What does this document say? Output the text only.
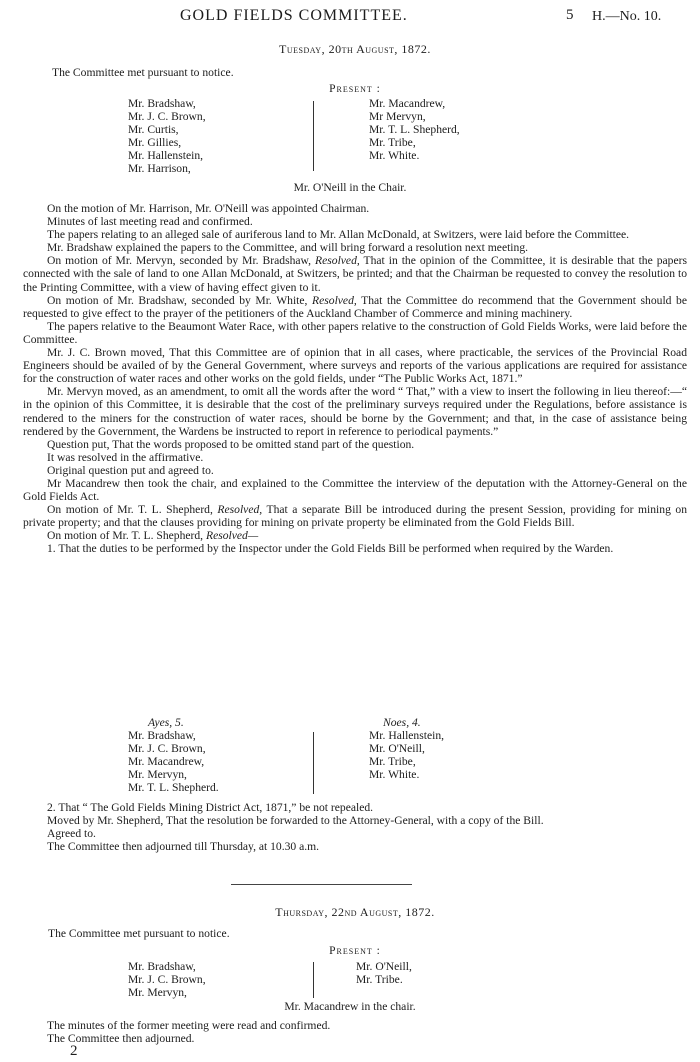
GOLD FIELDS COMMITTEE.	5 H.—No. 10.
Tuesday, 20th August, 1872.
The Committee met pursuant to notice.
Present :
Mr. Bradshaw,
Mr. J. C. Brown,
Mr. Curtis,
Mr. Gillies,
Mr. Hallenstein,
Mr. Harrison,
Mr. Macandrew,
Mr Mervyn,
Mr. T. L. Shepherd,
Mr. Tribe,
Mr. White.
Mr. O'Neill in the Chair.

On the motion of Mr. Harrison, Mr. O'Neill was appointed Chairman.

Minutes of last meeting read and confirmed.

The papers relating to an alleged sale of auriferous land to Mr. Allan McDonald, at Switzers, were laid before the Committee.

Mr. Bradshaw explained the papers to the Committee, and will bring forward a resolution next meeting.

On motion of Mr. Mervyn, seconded by Mr. Bradshaw, Resolved, That in the opinion of the Committee, it is desirable that the papers connected with the sale of land to one Allan McDonald, at Switzers, be printed; and that the Chairman be requested to convey the resolution to the Printing Committee, with a view of having effect given to it.

On motion of Mr. Bradshaw, seconded by Mr. White, Resolved, That the Committee do recommend that the Government should be requested to give effect to the prayer of the petitioners of the Auckland Chamber of Commerce and mining machinery.

The papers relative to the Beaumont Water Race, with other papers relative to the construction of Gold Fields Works, were laid before the Committee.

Mr. J. C. Brown moved, That this Committee are of opinion that in all cases, where practicable, the services of the Provincial Road Engineers should be availed of by the General Government, where surveys and reports of the various applications are required for assistance for the construction of water races and other works on the gold fields, under “The Public Works Act, 1871.”

Mr. Mervyn moved, as an amendment, to omit all the words after the word “ That,” with a view to insert the following in lieu thereof:—“ in the opinion of this Committee, it is desirable that the cost of the preliminary surveys required under the Regulations, before assistance is rendered to the miners for the construction of water races, should be borne by the Government; and that, in the case of assistance being rendered by the Government, the Wardens be instructed to report in reference to periodical payments.”

Question put, That the words proposed to be omitted stand part of the question.

It was resolved in the affirmative.

Original question put and agreed to.

Mr Macandrew then took the chair, and explained to the Committee the interview of the deputation with the Attorney-General on the Gold Fields Act.

On motion of Mr. T. L. Shepherd, Resolved, That a separate Bill be introduced during the present Session, providing for mining on private property; and that the clauses providing for mining on private property be eliminated from the Gold Fields Bill.

On motion of Mr. T. L. Shepherd, Resolved—

1. That the duties to be performed by the Inspector under the Gold Fields Bill be performed when required by the Warden.

Ayes, 5.
Mr. Bradshaw,
Mr. J. C. Brown,
Mr. Macandrew,
Mr. Mervyn,
Mr. T. L. Shepherd.
Noes, 4.
Mr. Hallenstein,
Mr. O'Neill,
Mr. Tribe,
Mr. White.

2. That “ The Gold Fields Mining District Act, 1871,” be not repealed.

Moved by Mr. Shepherd, That the resolution be forwarded to the Attorney-General, with a copy of the Bill.

Agreed to.

The Committee then adjourned till Thursday, at 10.30 a.m.

Thursday, 22nd August, 1872.
The Committee met pursuant to notice.
Present :
Mr. Bradshaw,
Mr. J. C. Brown,
Mr. Mervyn,
Mr. O'Neill,
Mr. Tribe.
Mr. Macandrew in the chair.

The minutes of the former meeting were read and confirmed.

The Committee then adjourned.

2
